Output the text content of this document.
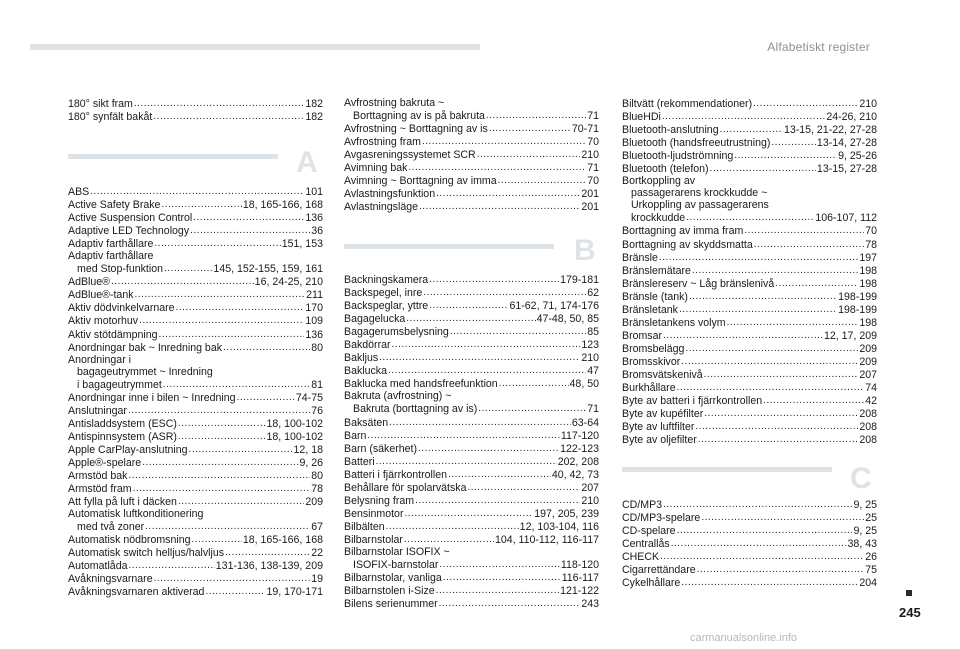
Alfabetiskt register
180° sikt fram .....	182
180° synfält bakåt .....	182
A
ABS .....	101
Active Safety Brake .....	18, 165-166, 168
Active Suspension Control .....	136
Adaptive LED Technology .....	36
Adaptiv farthållare .....	151, 153
Adaptiv farthållare
med Stop-funktion .....	145, 152-155, 159, 161
AdBlue® .....	16, 24-25, 210
AdBlue®-tank .....	211
Aktiv dödvinkelvarnare .....	170
Aktiv motorhuv .....	109
Aktiv stötdämpning .....	136
Anordningar bak ~ Inredning bak .....	80
Anordningar i
bagageutrymmet ~ Inredning
i bagageutrymmet .....	81
Anordningar inne i bilen ~ Inredning .....	74-75
Anslutningar .....	76
Antisladdsystem (ESC) .....	18, 100-102
Antispinnsystem (ASR) .....	18, 100-102
Apple CarPlay-anslutning .....	12, 18
Apple®-spelare .....	9, 26
Armstöd bak .....	80
Armstöd fram .....	78
Att fylla på luft i däcken .....	209
Automatisk luftkonditionering
med två zoner .....	67
Automatisk nödbromsning .....	18, 165-166, 168
Automatisk switch helljus/halvljus .....	22
Automatlåda .....	131-136, 138-139, 209
Avåkningsvarnare .....	19
Avåkningsvarnaren aktiverad .....	19, 170-171
Avfrostning bakruta ~
Borttagning av is på bakruta .....	71
Avfrostning ~ Borttagning av is .....	70-71
Avfrostning fram .....	70
Avgasreningssystemet SCR .....	210
Avimning bak .....	71
Avimning ~ Borttagning av imma .....	70
Avlastningsfunktion .....	201
Avlastningsläge .....	201
B
Backningskamera .....	179-181
Backspegel, inre .....	62
Backspeglar, yttre .....	61-62, 71, 174-176
Bagagelucka .....	47-48, 50, 85
Bagagerumsbelysning .....	85
Bakdörrar .....	123
Bakljus .....	210
Baklucka .....	47
Baklucka med handsfreefunktion .....	48, 50
Bakruta (avfrostning) ~
Bakruta (borttagning av is) .....	71
Baksäten .....	63-64
Barn .....	117-120
Barn (säkerhet) .....	122-123
Batteri .....	202, 208
Batteri i fjärrkontrollen .....	40, 42, 73
Behållare för spolarvätska .....	207
Belysning fram .....	210
Bensinmotor .....	197, 205, 239
Bilbälten .....	12, 103-104, 116
Bilbarnstolar .....	104, 110-112, 116-117
Bilbarnstolar ISOFIX ~
ISOFIX-barnstolar .....	118-120
Bilbarnstolar, vanliga .....	116-117
Bilbarnstolen i-Size .....	121-122
Bilens serienummer .....	243
Biltvätt (rekommendationer) .....	210
BlueHDi .....	24-26, 210
Bluetooth-anslutning .....	13-15, 21-22, 27-28
Bluetooth (handsfreeutrustning) .....	13-14, 27-28
Bluetooth-ljudströmning .....	9, 25-26
Bluetooth (telefon) .....	13-15, 27-28
Bortkoppling av
passagerarens krockkudde ~
Urkoppling av passagerarens
krockkudde .....	106-107, 112
Borttagning av imma fram .....	70
Borttagning av skyddsmatta .....	78
Bränsle .....	197
Bränslemätare .....	198
Bränslereserv ~ Låg bränslenivå .....	198
Bränsle (tank) .....	198-199
Bränsletank .....	198-199
Bränsletankens volym .....	198
Bromsar .....	12, 17, 209
Bromsbelägg .....	209
Bromsskivor .....	209
Bromsvätskenivå .....	207
Burkhållare .....	74
Byte av batteri i fjärrkontrollen .....	42
Byte av kupéfilter .....	208
Byte av luftfilter .....	208
Byte av oljefilter .....	208
C
CD/MP3 .....	9, 25
CD/MP3-spelare .....	25
CD-spelare .....	9, 25
Centrallås .....	38, 43
CHECK .....	26
Cigarrettändare .....	75
Cykelhållare .....	204
245
carmanualsonline.info
